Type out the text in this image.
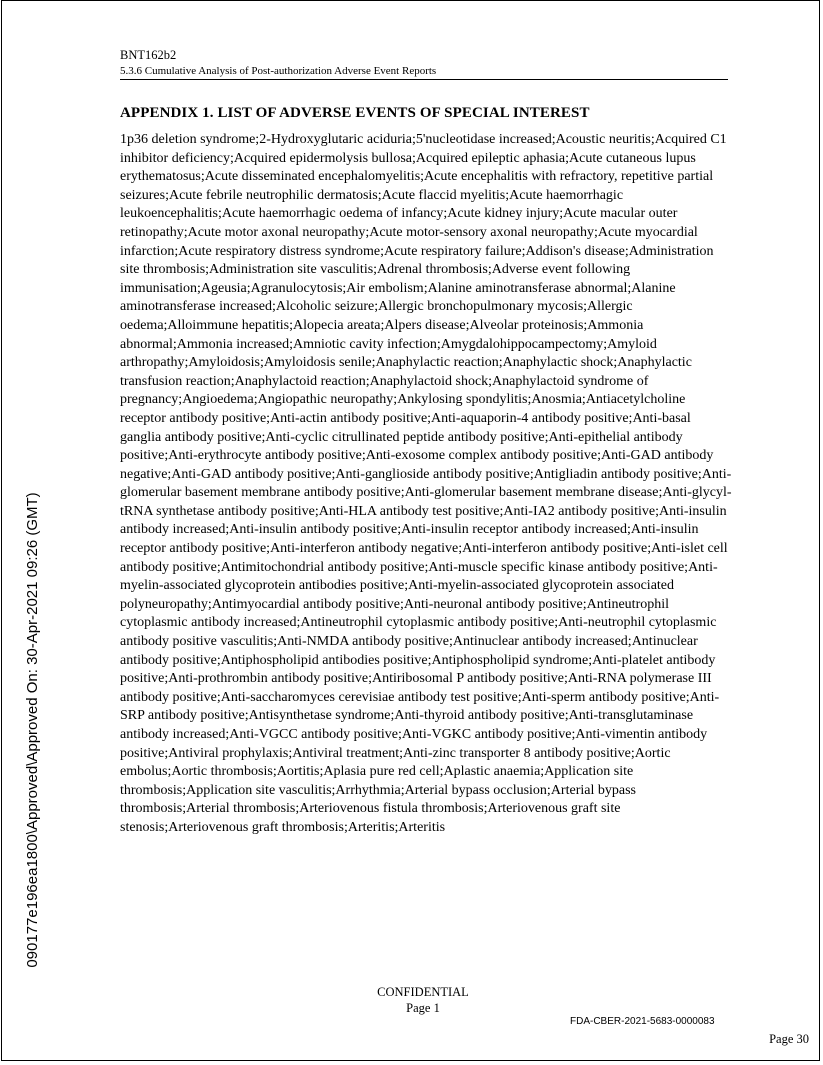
BNT162b2
5.3.6 Cumulative Analysis of Post-authorization Adverse Event Reports
APPENDIX 1. LIST OF ADVERSE EVENTS OF SPECIAL INTEREST

1p36 deletion syndrome;2-Hydroxyglutaric aciduria;5'nucleotidase increased;Acoustic neuritis;Acquired C1 inhibitor deficiency;Acquired epidermolysis bullosa;Acquired epileptic aphasia;Acute cutaneous lupus erythematosus;Acute disseminated encephalomyelitis;Acute encephalitis with refractory, repetitive partial seizures;Acute febrile neutrophilic dermatosis;Acute flaccid myelitis;Acute haemorrhagic leukoencephalitis;Acute haemorrhagic oedema of infancy;Acute kidney injury;Acute macular outer retinopathy;Acute motor axonal neuropathy;Acute motor-sensory axonal neuropathy;Acute myocardial infarction;Acute respiratory distress syndrome;Acute respiratory failure;Addison's disease;Administration site thrombosis;Administration site vasculitis;Adrenal thrombosis;Adverse event following immunisation;Ageusia;Agranulocytosis;Air embolism;Alanine aminotransferase abnormal;Alanine aminotransferase increased;Alcoholic seizure;Allergic bronchopulmonary mycosis;Allergic oedema;Alloimmune hepatitis;Alopecia areata;Alpers disease;Alveolar proteinosis;Ammonia abnormal;Ammonia increased;Amniotic cavity infection;Amygdalohippocampectomy;Amyloid arthropathy;Amyloidosis;Amyloidosis senile;Anaphylactic reaction;Anaphylactic shock;Anaphylactic transfusion reaction;Anaphylactoid reaction;Anaphylactoid shock;Anaphylactoid syndrome of pregnancy;Angioedema;Angiopathic neuropathy;Ankylosing spondylitis;Anosmia;Antiacetylcholine receptor antibody positive;Anti-actin antibody positive;Anti-aquaporin-4 antibody positive;Anti-basal ganglia antibody positive;Anti-cyclic citrullinated peptide antibody positive;Anti-epithelial antibody positive;Anti-erythrocyte antibody positive;Anti-exosome complex antibody positive;Anti-GAD antibody negative;Anti-GAD antibody positive;Anti-ganglioside antibody positive;Antigliadin antibody positive;Anti-glomerular basement membrane antibody positive;Anti-glomerular basement membrane disease;Anti-glycyl-tRNA synthetase antibody positive;Anti-HLA antibody test positive;Anti-IA2 antibody positive;Anti-insulin antibody increased;Anti-insulin antibody positive;Anti-insulin receptor antibody increased;Anti-insulin receptor antibody positive;Anti-interferon antibody negative;Anti-interferon antibody positive;Anti-islet cell antibody positive;Antimitochondrial antibody positive;Anti-muscle specific kinase antibody positive;Anti-myelin-associated glycoprotein antibodies positive;Anti-myelin-associated glycoprotein associated polyneuropathy;Antimyocardial antibody positive;Anti-neuronal antibody positive;Antineutrophil cytoplasmic antibody increased;Antineutrophil cytoplasmic antibody positive;Anti-neutrophil cytoplasmic antibody positive vasculitis;Anti-NMDA antibody positive;Antinuclear antibody increased;Antinuclear antibody positive;Antiphospholipid antibodies positive;Antiphospholipid syndrome;Anti-platelet antibody positive;Anti-prothrombin antibody positive;Antiribosomal P antibody positive;Anti-RNA polymerase III antibody positive;Anti-saccharomyces cerevisiae antibody test positive;Anti-sperm antibody positive;Anti-SRP antibody positive;Antisynthetase syndrome;Anti-thyroid antibody positive;Anti-transglutaminase antibody increased;Anti-VGCC antibody positive;Anti-VGKC antibody positive;Anti-vimentin antibody positive;Antiviral prophylaxis;Antiviral treatment;Anti-zinc transporter 8 antibody positive;Aortic embolus;Aortic thrombosis;Aortitis;Aplasia pure red cell;Aplastic anaemia;Application site thrombosis;Application site vasculitis;Arrhythmia;Arterial bypass occlusion;Arterial bypass thrombosis;Arterial thrombosis;Arteriovenous fistula thrombosis;Arteriovenous graft site stenosis;Arteriovenous graft thrombosis;Arteritis;Arteritis

CONFIDENTIAL
Page 1
FDA-CBER-2021-5683-0000083
Page 30
090177e196ea1800\Approved\Approved On: 30-Apr-2021 09:26 (GMT)
